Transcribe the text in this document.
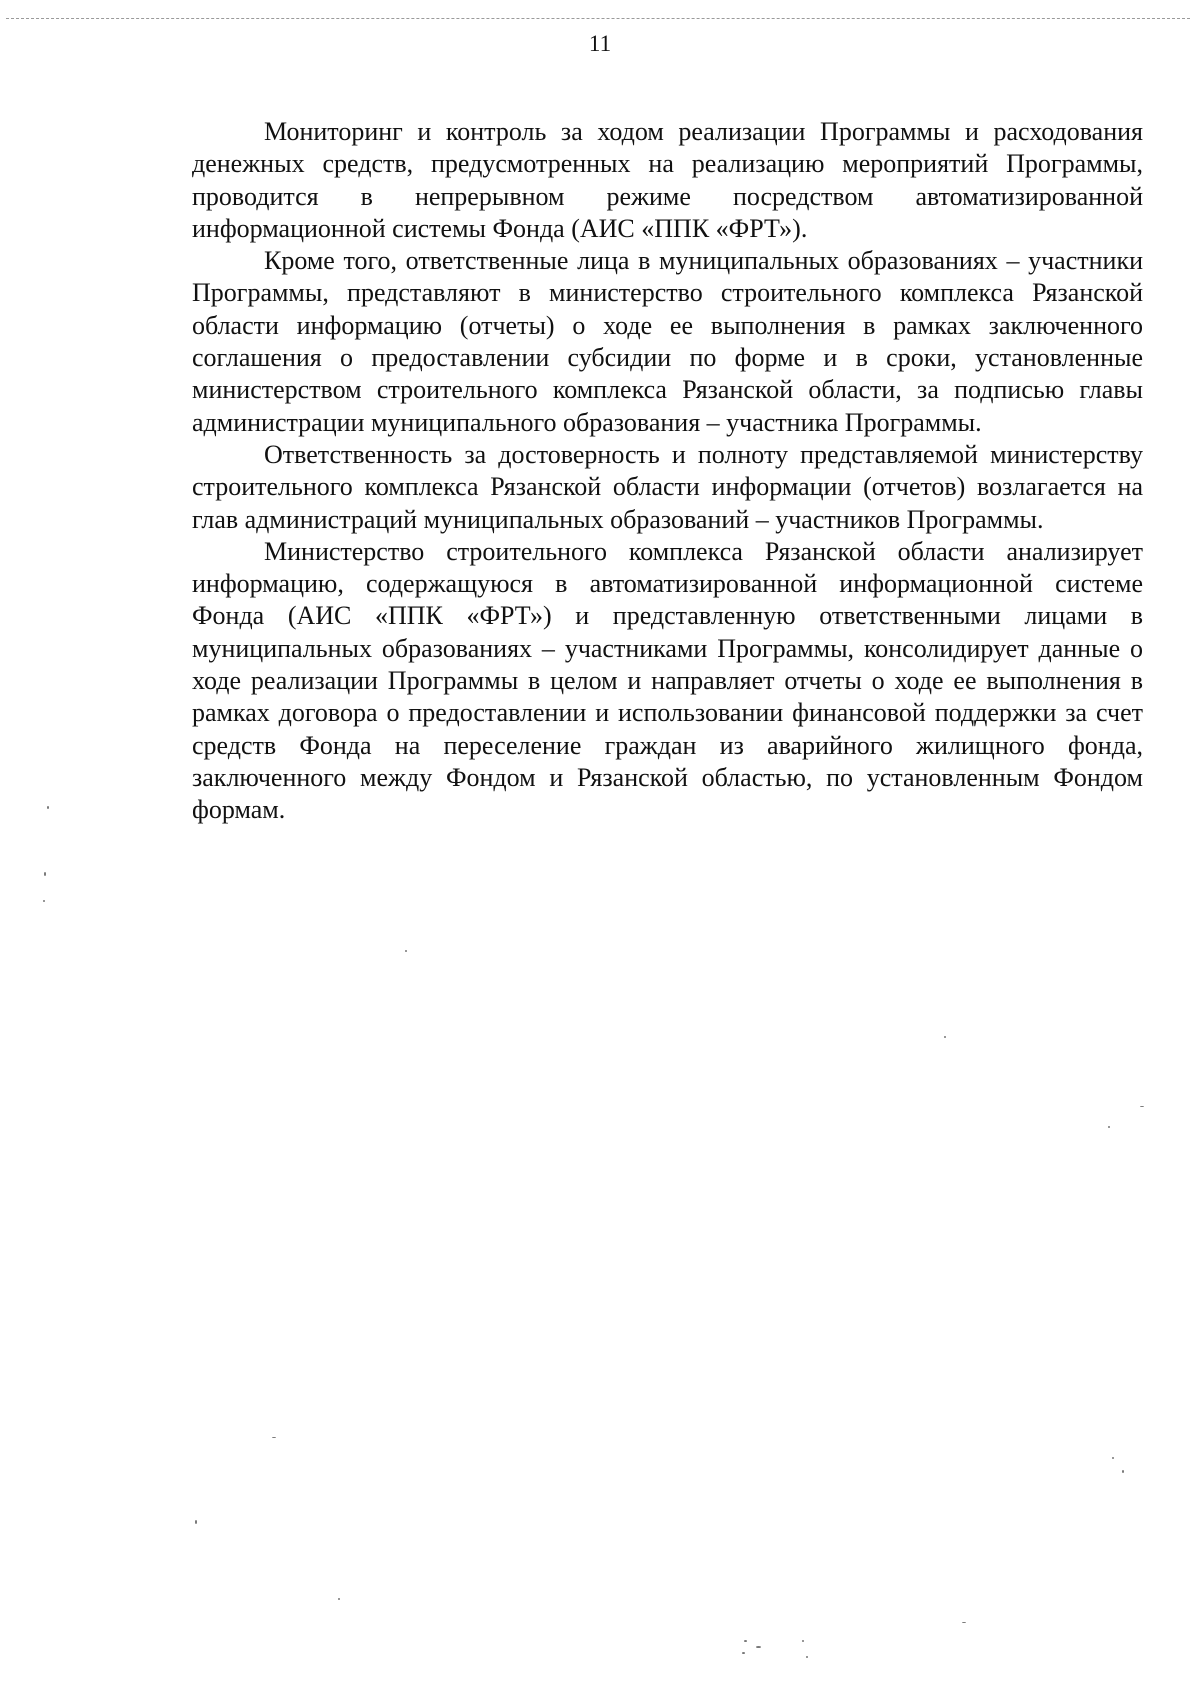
11

Мониторинг и контроль за ходом реализации Программы и расходования денежных средств, предусмотренных на реализацию мероприятий Программы, проводится в непрерывном режиме посредством автоматизированной информационной системы Фонда (АИС «ППК «ФРТ»).

Кроме того, ответственные лица в муниципальных образованиях – участники Программы, представляют в министерство строительного комплекса Рязанской области информацию (отчеты) о ходе ее выполнения в рамках заключенного соглашения о предоставлении субсидии по форме и в сроки, установленные министерством строительного комплекса Рязанской области, за подписью главы администрации муниципального образования – участника Программы.

Ответственность за достоверность и полноту представляемой министерству строительного комплекса Рязанской области информации (отчетов) возлагается на глав администраций муниципальных образований – участников Программы.

Министерство строительного комплекса Рязанской области анализирует информацию, содержащуюся в автоматизированной информационной системе Фонда (АИС «ППК «ФРТ») и представленную ответственными лицами в муниципальных образованиях – участниками Программы, консолидирует данные о ходе реализации Программы в целом и направляет отчеты о ходе ее выполнения в рамках договора о предоставлении и использовании финансовой поддержки за счет средств Фонда на переселение граждан из аварийного жилищного фонда, заключенного между Фондом и Рязанской областью, по установленным Фондом формам.
